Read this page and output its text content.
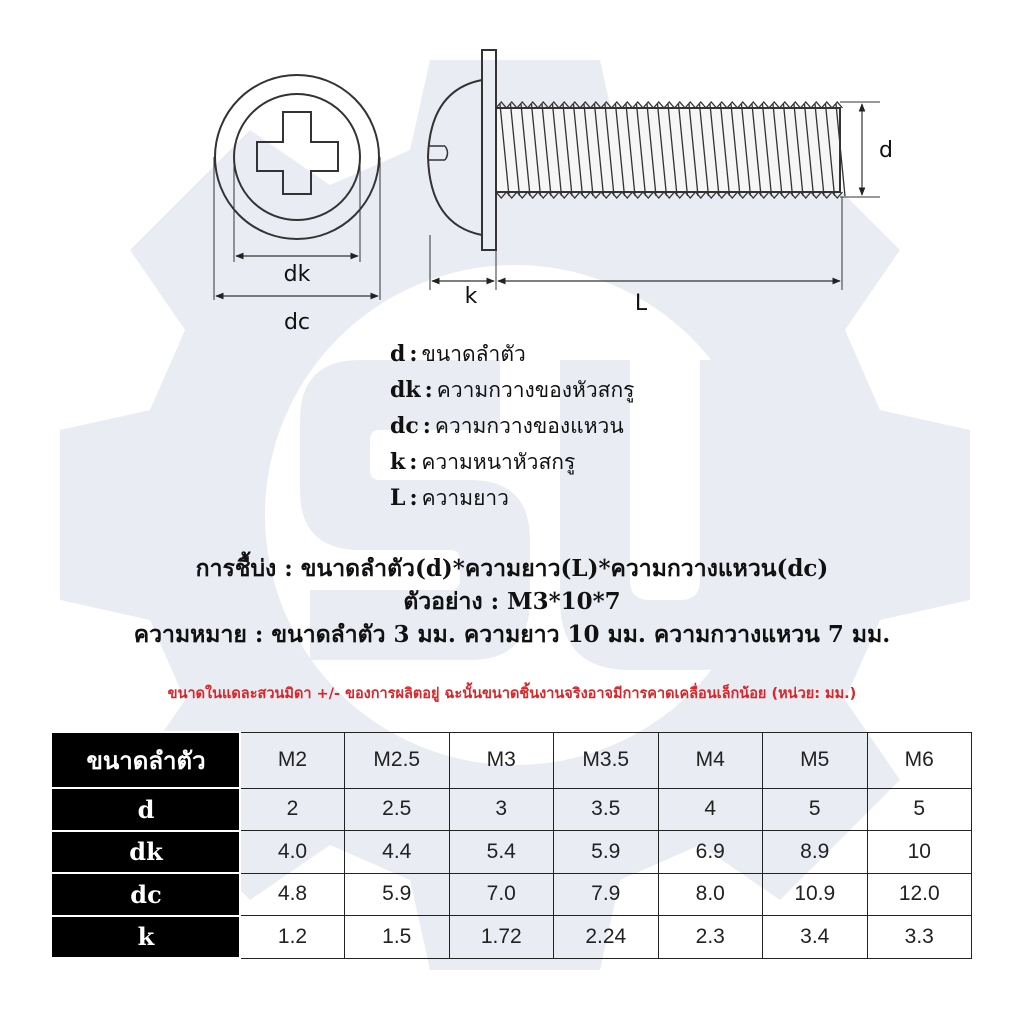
dk
dc
k	L
d
d : ขนาดลำตัว
dk : ความกวางของหัวสกรู
dc : ความกวางของแหวน
k : ความหนาหัวสกรู
L : ความยาว
การชื้บ่ง : ขนาดลำตัว(d)*ความยาว(L)*ความกวางแหวน(dc)
ตัวอย่าง : M3*10*7
ความหมาย : ขนาดลำตัว 3 มม. ความยาว 10 มม. ความกวางแหวน 7 มม.
ขนาดในแดละสวนมิดา +/- ของการผลิตอยู่ ฉะนั้นขนาดชิ้นงานจริงอาจมีการคาดเคลื่อนเล็กน้อย (หน่วย: มม.)
ขนาดลำตัว	M2	M2.5	M3	M3.5	M4	M5	M6
d	2	2.5	3	3.5	4	5	5
dk	4.0	4.4	5.4	5.9	6.9	8.9	10
dc	4.8	5.9	7.0	7.9	8.0	10.9	12.0
k	1.2	1.5	1.72	2.24	2.3	3.4	3.3
